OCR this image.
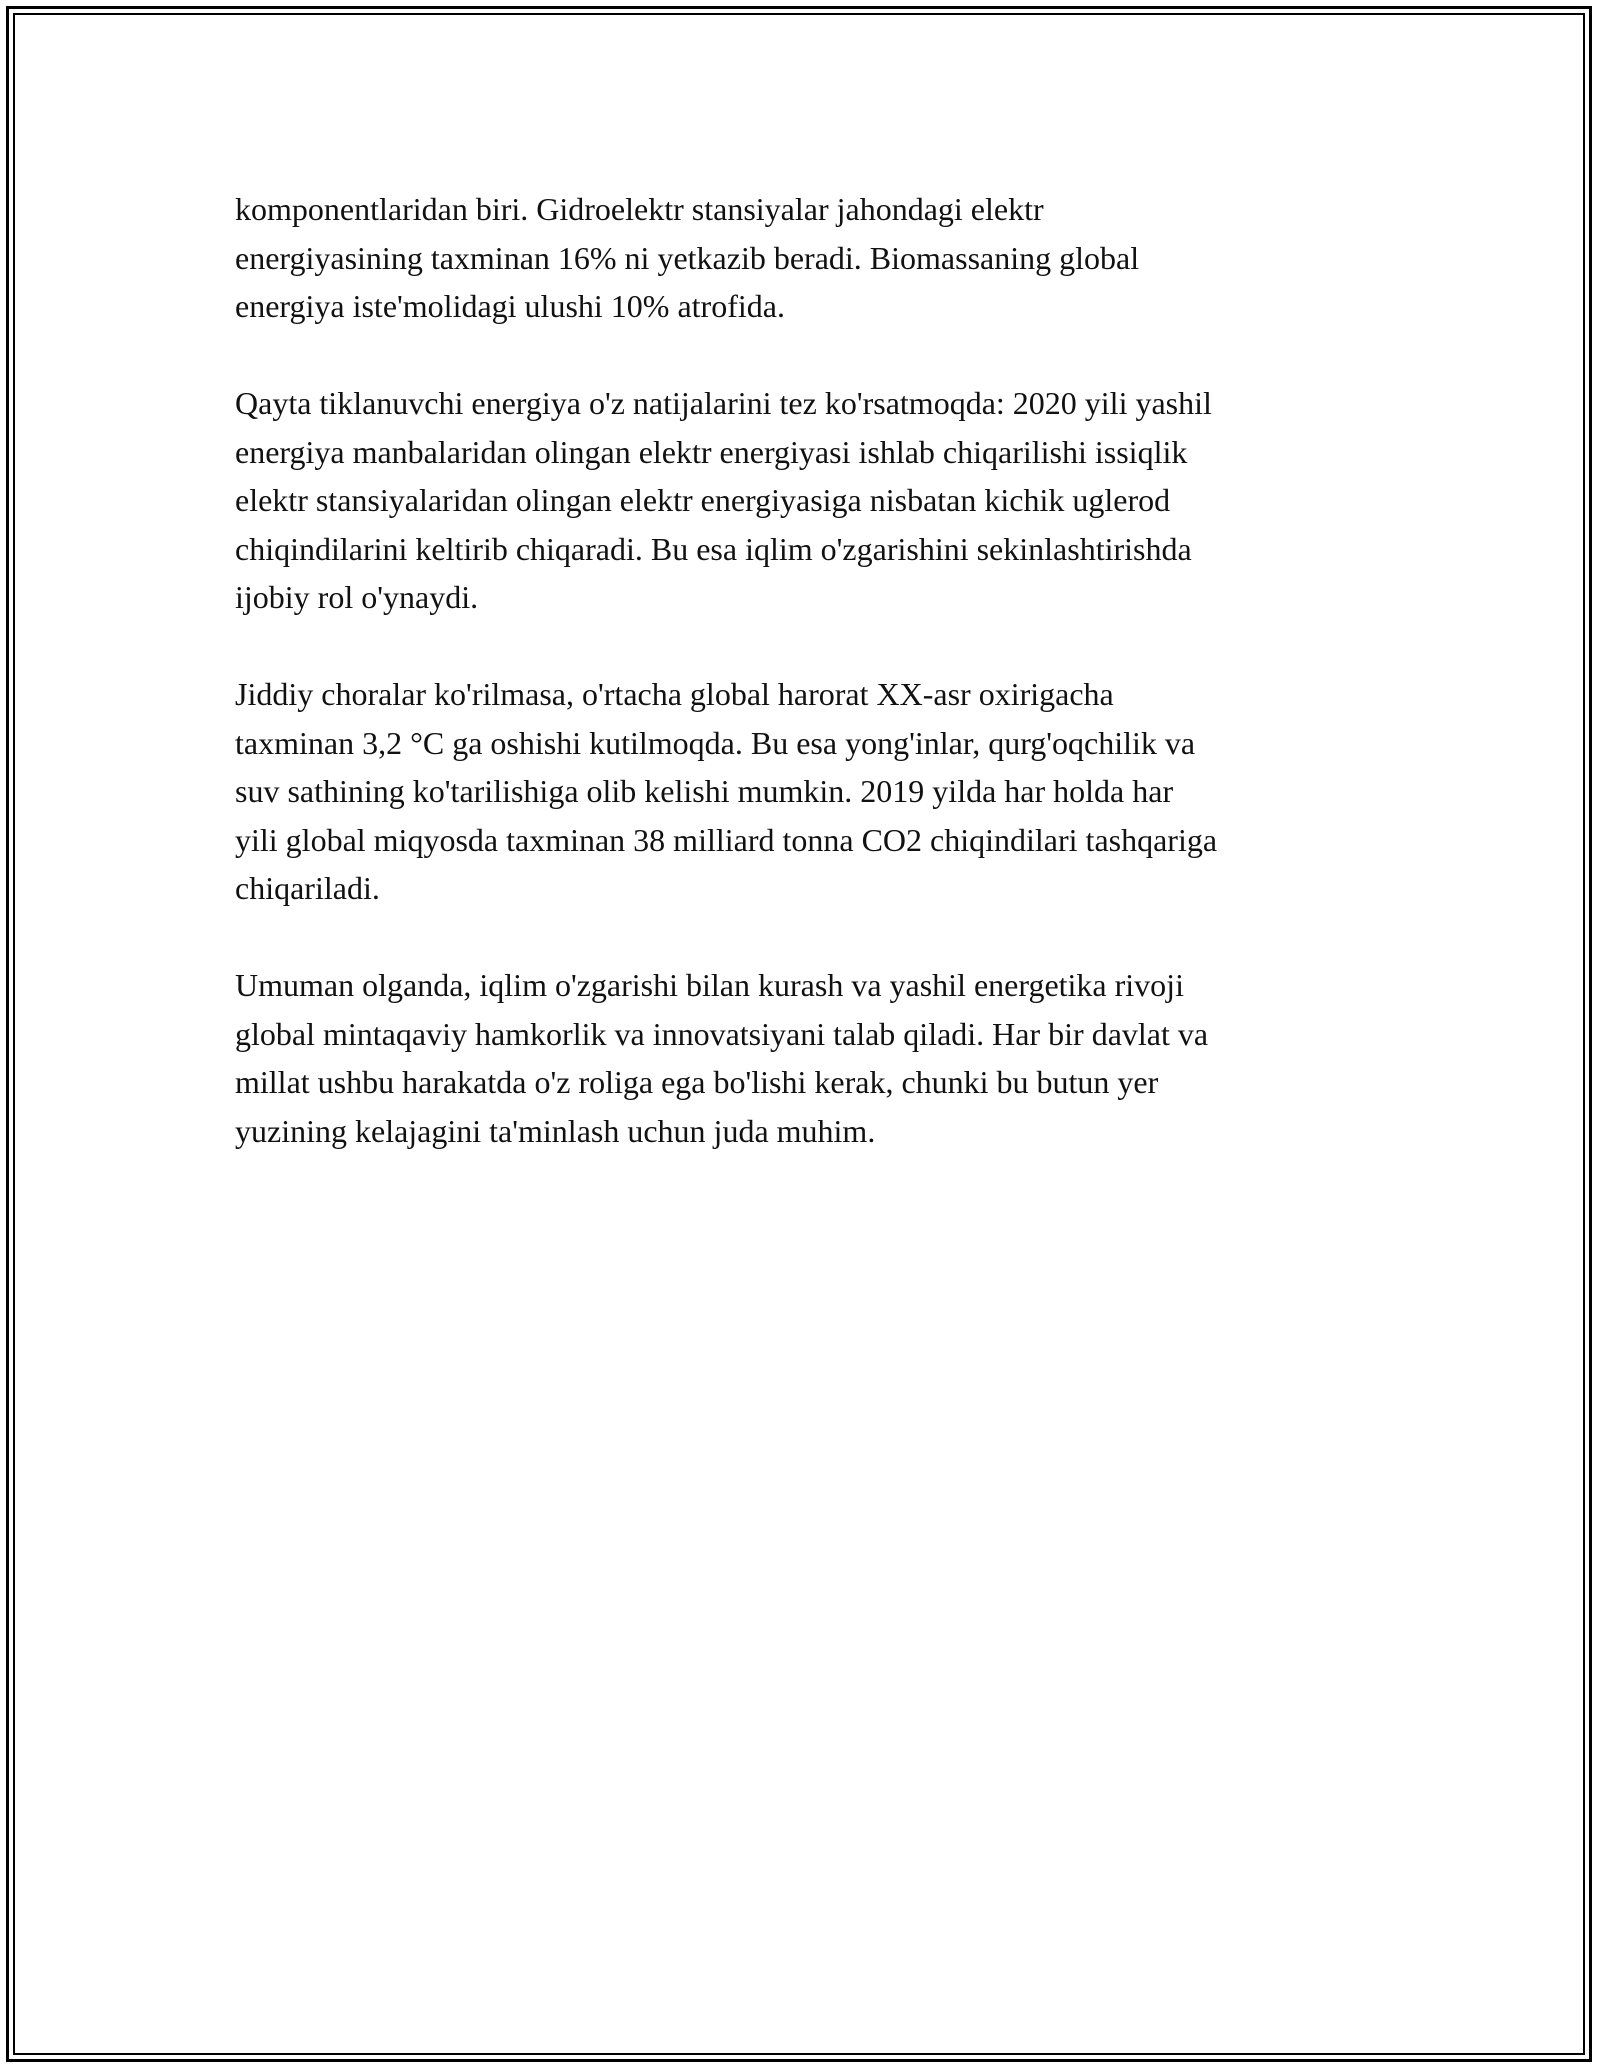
komponentlaridan biri. Gidroelektr stansiyalar jahondagi elektr
energiyasining taxminan 16% ni yetkazib beradi. Biomassaning global
energiya iste'molidagi ulushi 10% atrofida.

Qayta tiklanuvchi energiya o'z natijalarini tez ko'rsatmoqda: 2020 yili yashil
energiya manbalaridan olingan elektr energiyasi ishlab chiqarilishi issiqlik
elektr stansiyalaridan olingan elektr energiyasiga nisbatan kichik uglerod
chiqindilarini keltirib chiqaradi. Bu esa iqlim o'zgarishini sekinlashtirishda
ijobiy rol o'ynaydi.

Jiddiy choralar ko'rilmasa, o'rtacha global harorat XX-asr oxirigacha
taxminan 3,2 °C ga oshishi kutilmoqda. Bu esa yong'inlar, qurg'oqchilik va
suv sathining ko'tarilishiga olib kelishi mumkin. 2019 yilda har holda har
yili global miqyosda taxminan 38 milliard tonna CO2 chiqindilari tashqariga
chiqariladi.

Umuman olganda, iqlim o'zgarishi bilan kurash va yashil energetika rivoji
global mintaqaviy hamkorlik va innovatsiyani talab qiladi. Har bir davlat va
millat ushbu harakatda o'z roliga ega bo'lishi kerak, chunki bu butun yer
yuzining kelajagini ta'minlash uchun juda muhim.
